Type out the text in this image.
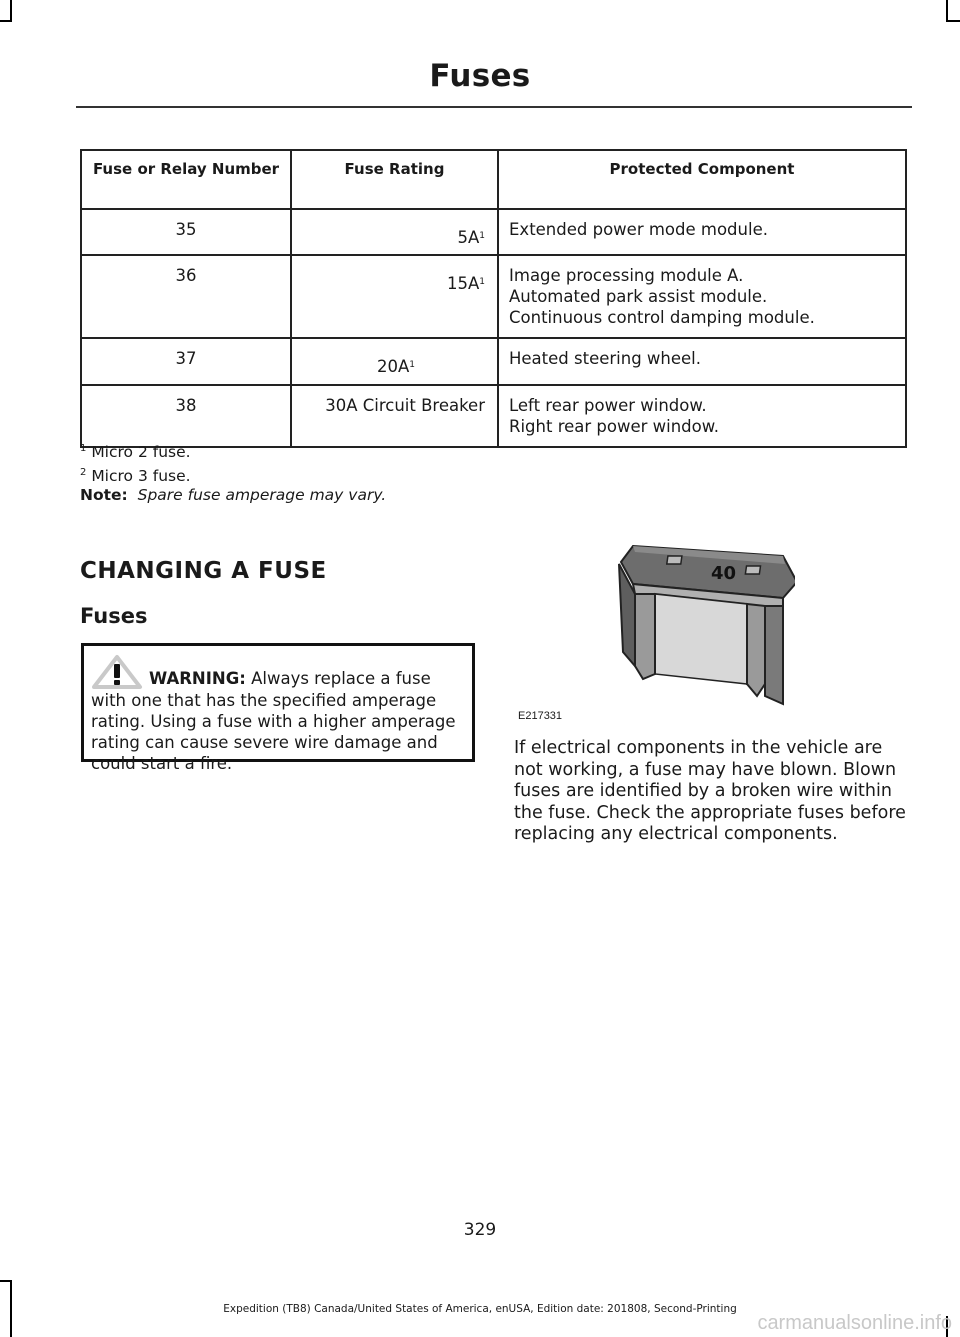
Fuses
Fuse or Relay Number	Fuse Rating	Protected Component
35	$5A^1$	Extended power mode module.

36	$15A^1$	Image processing module A.
Automated park assist module.
Continuous control damping module.

37	$20A^1$	Heated steering wheel.

38	30A Circuit Breaker	Left rear power window.
Right rear power window.
$^1$ Micro 2 fuse.
$^2$ Micro 3 fuse.
Note: Spare fuse amperage may vary.
CHANGING A FUSE
Fuses
WARNING: Always replace a fuse with one that has the specified amperage rating. Using a fuse with a higher amperage rating can cause severe wire damage and could start a fire.
40
E217331
If electrical components in the vehicle are not working, a fuse may have blown. Blown fuses are identified by a broken wire within the fuse. Check the appropriate fuses before replacing any electrical components.
329
Expedition (TB8) Canada/United States of America, enUSA, Edition date: 201808, Second-Printing
carmanualsonline.info
